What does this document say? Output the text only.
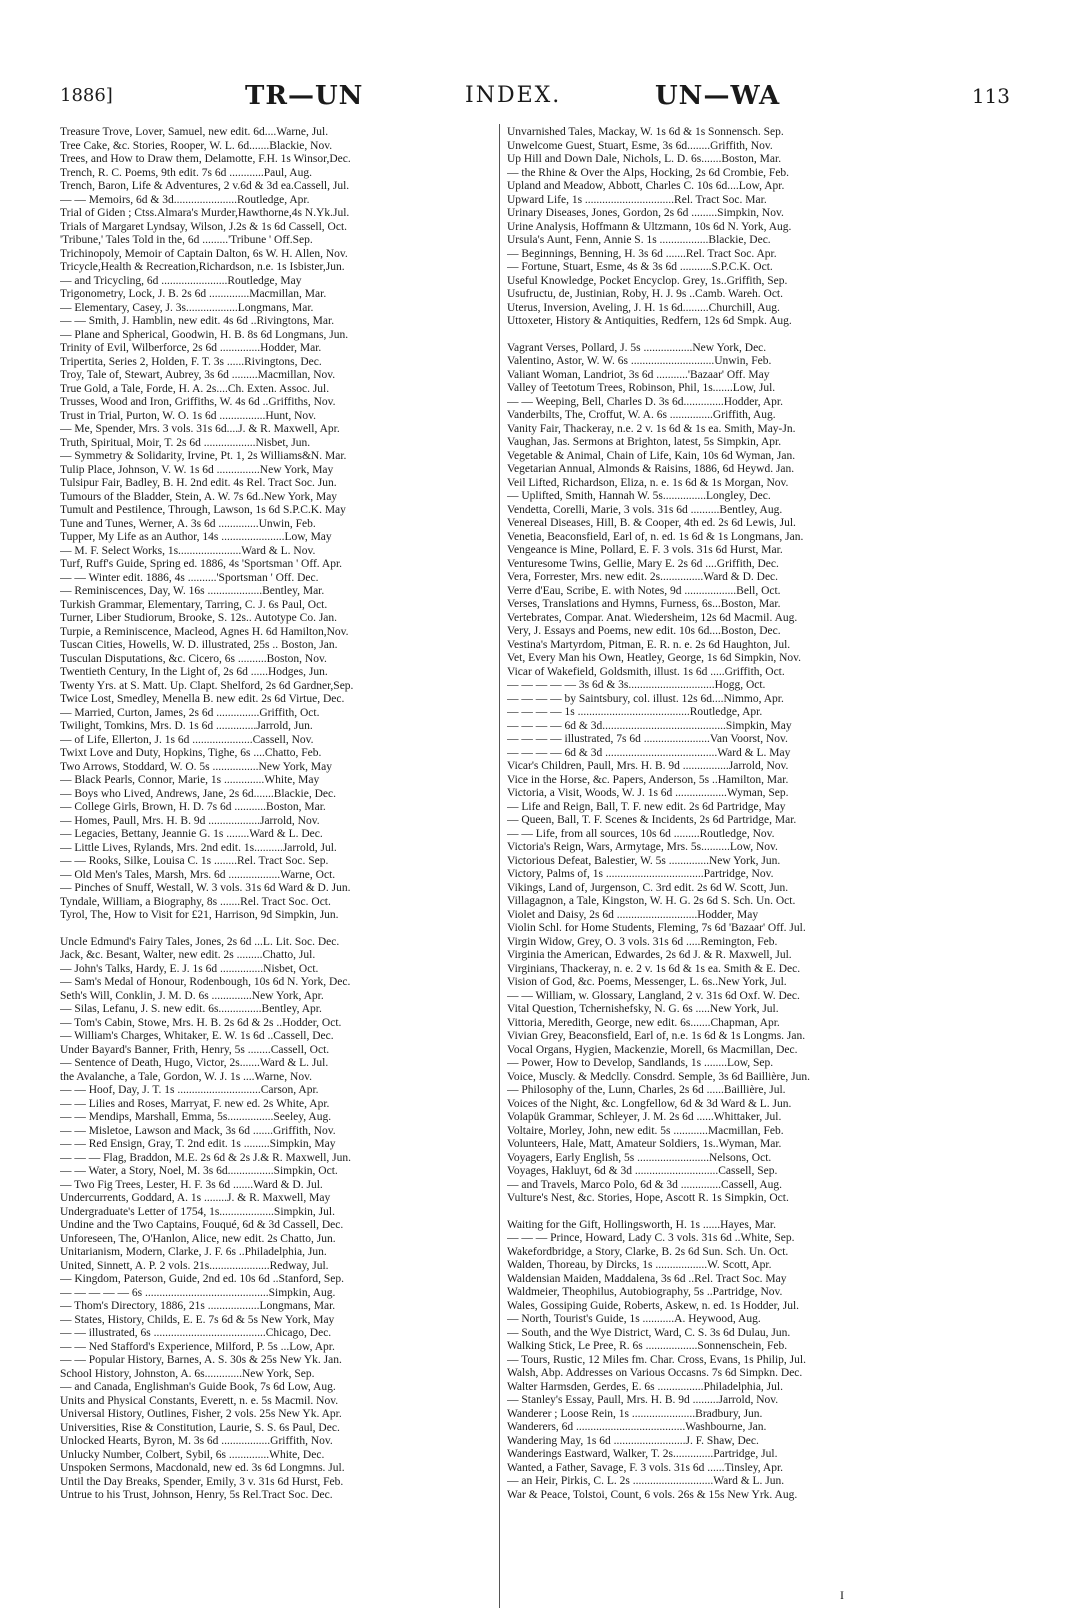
1886]	TR—UN	INDEX.	UN—WA	113
Treasure Trove, Lover, Samuel, new edit. 6d....Warne, Jul.
Tree Cake, &c. Stories, Rooper, W. L. 6d.......Blackie, Nov.
Trees, and How to Draw them, Delamotte, F.H. 1s Winsor,Dec.
Trench, R. C. Poems, 9th edit. 7s 6d ............Paul, Aug.
Trench, Baron, Life & Adventures, 2 v.6d & 3d ea.Cassell, Jul.
— — Memoirs, 6d & 3d......................Routledge, Apr.
Trial of Giden ; Ctss.Almara's Murder,Hawthorne,4s N.Yk.Jul.
Trials of Margaret Lyndsay, Wilson, J.2s & 1s 6d Cassell, Oct.
'Tribune,' Tales Told in the, 6d .........'Tribune ' Off.Sep.
Trichinopoly, Memoir of Captain Dalton, 6s W. H. Allen, Nov.
Tricycle,Health & Recreation,Richardson, n.e. 1s Isbister,Jun.
— and Tricycling, 6d .......................Routledge, May
Trigonometry, Lock, J. B. 2s 6d ..............Macmillan, Mar.
— Elementary, Casey, J. 3s..................Longmans, Mar.
— — Smith, J. Hamblin, new edit. 4s 6d ..Rivingtons, Mar.
— Plane and Spherical, Goodwin, H. B. 8s 6d Longmans, Jun.
Trinity of Evil, Wilberforce, 2s 6d ..............Hodder, Mar.
Tripertita, Series 2, Holden, F. T. 3s ......Rivingtons, Dec.
Troy, Tale of, Stewart, Aubrey, 3s 6d .........Macmillan, Nov.
True Gold, a Tale, Forde, H. A. 2s....Ch. Exten. Assoc. Jul.
Trusses, Wood and Iron, Griffiths, W. 4s 6d ..Griffiths, Nov.
Trust in Trial, Purton, W. O. 1s 6d ................Hunt, Nov.
— Me, Spender, Mrs. 3 vols. 31s 6d....J. & R. Maxwell, Apr.
Truth, Spiritual, Moir, T. 2s 6d ..................Nisbet, Jun.
— Symmetry & Solidarity, Irvine, Pt. 1, 2s Williams&N. Mar.
Tulip Place, Johnson, V. W. 1s 6d ...............New York, May
Tulsipur Fair, Badley, B. H. 2nd edit. 4s Rel. Tract Soc. Jun.
Tumours of the Bladder, Stein, A. W. 7s 6d..New York, May
Tumult and Pestilence, Through, Lawson, 1s 6d S.P.C.K. May
Tune and Tunes, Werner, A. 3s 6d ..............Unwin, Feb.
Tupper, My Life as an Author, 14s ......................Low, May
— M. F. Select Works, 1s......................Ward & L. Nov.
Turf, Ruff's Guide, Spring ed. 1886, 4s 'Sportsman ' Off. Apr.
— — Winter edit. 1886, 4s ..........'Sportsman ' Off. Dec.
— Reminiscences, Day, W. 16s ...................Bentley, Mar.
Turkish Grammar, Elementary, Tarring, C. J. 6s Paul, Oct.
Turner, Liber Studiorum, Brooke, S. 12s.. Autotype Co. Jan.
Turpie, a Reminiscence, Macleod, Agnes H. 6d Hamilton,Nov.
Tuscan Cities, Howells, W. D. illustrated, 25s .. Boston, Jan.
Tusculan Disputations, &c. Cicero, 6s ..........Boston, Nov.
Twentieth Century, In the Light of, 2s 6d ......Hodges, Jun.
Twenty Yrs. at S. Matt. Up. Clapt. Shelford, 2s 6d Gardner,Sep.
Twice Lost, Smedley, Menella B. new edit. 2s 6d Virtue, Dec.
— Married, Curton, James, 2s 6d ...............Griffith, Oct.
Twilight, Tomkins, Mrs. D. 1s 6d ..............Jarrold, Jun.
— of Life, Ellerton, J. 1s 6d .....................Cassell, Nov.
Twixt Love and Duty, Hopkins, Tighe, 6s ....Chatto, Feb.
Two Arrows, Stoddard, W. O. 5s ................New York, May
— Black Pearls, Connor, Marie, 1s ..............White, May
— Boys who Lived, Andrews, Jane, 2s 6d.......Blackie, Dec.
— College Girls, Brown, H. D. 7s 6d ...........Boston, Mar.
— Homes, Paull, Mrs. H. B. 9d ..................Jarrold, Nov.
— Legacies, Bettany, Jeannie G. 1s ........Ward & L. Dec.
— Little Lives, Rylands, Mrs. 2nd edit. 1s..........Jarrold, Jul.
— — Rooks, Silke, Louisa C. 1s ........Rel. Tract Soc. Sep.
— Old Men's Tales, Marsh, Mrs. 6d ..................Warne, Oct.
— Pinches of Snuff, Westall, W. 3 vols. 31s 6d Ward & D. Jun.
Tyndale, William, a Biography, 8s .......Rel. Tract Soc. Oct.
Tyrol, The, How to Visit for £21, Harrison, 9d Simpkin, Jun.
Uncle Edmund's Fairy Tales, Jones, 2s 6d ...L. Lit. Soc. Dec.
Jack, &c. Besant, Walter, new edit. 2s .........Chatto, Jul.
— John's Talks, Hardy, E. J. 1s 6d ...............Nisbet, Oct.
— Sam's Medal of Honour, Rodenbough, 10s 6d N. York, Dec.
Seth's Will, Conklin, J. M. D. 6s ..............New York, Apr.
— Silas, Lefanu, J. S. new edit. 6s...............Bentley, Apr.
— Tom's Cabin, Stowe, Mrs. H. B. 2s 6d & 2s ..Hodder, Oct.
— William's Charges, Whitaker, E. W. 1s 6d ..Cassell, Dec.
Under Bayard's Banner, Frith, Henry, 5s ........Cassell, Oct.
— Sentence of Death, Hugo, Victor, 2s.......Ward & L. Jul.
the Avalanche, a Tale, Gordon, W. J. 1s ....Warne, Nov.
— — Hoof, Day, J. T. 1s .............................Carson, Apr.
— — Lilies and Roses, Marryat, F. new ed. 2s White, Apr.
— — Mendips, Marshall, Emma, 5s................Seeley, Aug.
— — Misletoe, Lawson and Mack, 3s 6d .......Griffith, Nov.
— — Red Ensign, Gray, T. 2nd edit. 1s .........Simpkin, May
— — — Flag, Braddon, M.E. 2s 6d & 2s J.& R. Maxwell, Jun.
— — Water, a Story, Noel, M. 3s 6d................Simpkin, Oct.
— Two Fig Trees, Lester, H. F. 3s 6d .......Ward & D. Jul.
Undercurrents, Goddard, A. 1s ........J. & R. Maxwell, May
Undergraduate's Letter of 1754, 1s...................Simpkin, Jul.
Undine and the Two Captains, Fouqué, 6d & 3d Cassell, Dec.
Unforeseen, The, O'Hanlon, Alice, new edit. 2s Chatto, Jun.
Unitarianism, Modern, Clarke, J. F. 6s ..Philadelphia, Jun.
United, Sinnett, A. P. 2 vols. 21s.....................Redway, Jul.
— Kingdom, Paterson, Guide, 2nd ed. 10s 6d ..Stanford, Sep.
— — — — — 6s ...........................................Simpkin, Aug.
— Thom's Directory, 1886, 21s ..................Longmans, Mar.
— States, History, Childs, E. E. 7s 6d & 5s New York, May
— — illustrated, 6s .......................................Chicago, Dec.
— — Ned Stafford's Experience, Milford, P. 5s ...Low, Apr.
— — Popular History, Barnes, A. S. 30s & 25s New Yk. Jan.
School History, Johnston, A. 6s.............New York, Sep.
— and Canada, Englishman's Guide Book, 7s 6d Low, Aug.
Units and Physical Constants, Everett, n. e. 5s Macmil. Nov.
Universal History, Outlines, Fisher, 2 vols. 25s New Yk. Apr.
Universities, Rise & Constitution, Laurie, S. S. 6s Paul, Dec.
Unlocked Hearts, Byron, M. 3s 6d .................Griffith, Nov.
Unlucky Number, Colbert, Sybil, 6s ..............White, Dec.
Unspoken Sermons, Macdonald, new ed. 3s 6d Longmns. Jul.
Until the Day Breaks, Spender, Emily, 3 v. 31s 6d Hurst, Feb.
Untrue to his Trust, Johnson, Henry, 5s Rel.Tract Soc. Dec.
Unvarnished Tales, Mackay, W. 1s 6d & 1s Sonnensch. Sep.
Unwelcome Guest, Stuart, Esme, 3s 6d........Griffith, Nov.
Up Hill and Down Dale, Nichols, L. D. 6s.......Boston, Mar.
— the Rhine & Over the Alps, Hocking, 2s 6d Crombie, Feb.
Upland and Meadow, Abbott, Charles C. 10s 6d....Low, Apr.
Upward Life, 1s ...............................Rel. Tract Soc. Mar.
Urinary Diseases, Jones, Gordon, 2s 6d .........Simpkin, Nov.
Urine Analysis, Hoffmann & Ultzmann, 10s 6d N. York, Aug.
Ursula's Aunt, Fenn, Annie S. 1s .................Blackie, Dec.
— Beginnings, Benning, H. 3s 6d .......Rel. Tract Soc. Apr.
— Fortune, Stuart, Esme, 4s & 3s 6d ...........S.P.C.K. Oct.
Useful Knowledge, Pocket Encyclop. Grey, 1s..Griffith, Sep.
Usufructu, de, Justinian, Roby, H. J. 9s ..Camb. Wareh. Oct.
Uterus, Inversion, Aveling, J. H. 1s 6d.........Churchill, Aug.
Uttoxeter, History & Antiquities, Redfern, 12s 6d Smpk. Aug.
Vagrant Verses, Pollard, J. 5s .................New York, Dec.
Valentino, Astor, W. W. 6s .............................Unwin, Feb.
Valiant Woman, Landriot, 3s 6d ...........'Bazaar' Off. May
Valley of Teetotum Trees, Robinson, Phil, 1s.......Low, Jul.
— — Weeping, Bell, Charles D. 3s 6d..............Hodder, Apr.
Vanderbilts, The, Croffut, W. A. 6s ...............Griffith, Aug.
Vanity Fair, Thackeray, n.e. 2 v. 1s 6d & 1s ea. Smith, May-Jn.
Vaughan, Jas. Sermons at Brighton, latest, 5s Simpkin, Apr.
Vegetable & Animal, Chain of Life, Kain, 10s 6d Wyman, Jan.
Vegetarian Annual, Almonds & Raisins, 1886, 6d Heywd. Jan.
Veil Lifted, Richardson, Eliza, n. e. 1s 6d & 1s Morgan, Nov.
— Uplifted, Smith, Hannah W. 5s...............Longley, Dec.
Vendetta, Corelli, Marie, 3 vols. 31s 6d ..........Bentley, Aug.
Venereal Diseases, Hill, B. & Cooper, 4th ed. 2s 6d Lewis, Jul.
Venetia, Beaconsfield, Earl of, n. ed. 1s 6d & 1s Longmans, Jan.
Vengeance is Mine, Pollard, E. F. 3 vols. 31s 6d Hurst, Mar.
Venturesome Twins, Gellie, Mary E. 2s 6d ....Griffith, Dec.
Vera, Forrester, Mrs. new edit. 2s...............Ward & D. Dec.
Verre d'Eau, Scribe, E. with Notes, 9d ..................Bell, Oct.
Verses, Translations and Hymns, Furness, 6s...Boston, Mar.
Vertebrates, Compar. Anat. Wiedersheim, 12s 6d Macmil. Aug.
Very, J. Essays and Poems, new edit. 10s 6d....Boston, Dec.
Vestina's Martyrdom, Pitman, E. R. n. e. 2s 6d Haughton, Jul.
Vet, Every Man his Own, Heatley, George, 1s 6d Simpkin, Nov.
Vicar of Wakefield, Goldsmith, illust. 1s 6d .....Griffith, Oct.
— — — — — 3s 6d & 3s..............................Hogg, Oct.
— — — — by Saintsbury, col. illust. 12s 6d....Nimmo, Apr.
— — — — 1s .......................................Routledge, Apr.
— — — — 6d & 3d...........................................Simpkin, May
— — — — illustrated, 7s 6d .......................Van Voorst, Nov.
— — — — 6d & 3d .......................................Ward & L. May
Vicar's Children, Paull, Mrs. H. B. 9d ................Jarrold, Nov.
Vice in the Horse, &c. Papers, Anderson, 5s ..Hamilton, Mar.
Victoria, a Visit, Woods, W. J. 1s 6d ..................Wyman, Sep.
— Life and Reign, Ball, T. F. new edit. 2s 6d Partridge, May
— Queen, Ball, T. F. Scenes & Incidents, 2s 6d Partridge, Mar.
— — Life, from all sources, 10s 6d .........Routledge, Nov.
Victoria's Reign, Wars, Armytage, Mrs. 5s..........Low, Nov.
Victorious Defeat, Balestier, W. 5s ..............New York, Jun.
Victory, Palms of, 1s ..................................Partridge, Nov.
Vikings, Land of, Jurgenson, C. 3rd edit. 2s 6d W. Scott, Jun.
Villagagnon, a Tale, Kingston, W. H. G. 2s 6d S. Sch. Un. Oct.
Violet and Daisy, 2s 6d ............................Hodder, May
Violin Schl. for Home Students, Fleming, 7s 6d 'Bazaar' Off. Jul.
Virgin Widow, Grey, O. 3 vols. 31s 6d .....Remington, Feb.
Virginia the American, Edwardes, 2s 6d J. & R. Maxwell, Jul.
Virginians, Thackeray, n. e. 2 v. 1s 6d & 1s ea. Smith & E. Dec.
Vision of God, &c. Poems, Messenger, L. 6s..New York, Jul.
— — William, w. Glossary, Langland, 2 v. 31s 6d Oxf. W. Dec.
Vital Question, Tchernishefsky, N. G. 6s .....New York, Jul.
Vittoria, Meredith, George, new edit. 6s.......Chapman, Apr.
Vivian Grey, Beaconsfield, Earl of, n.e. 1s 6d & 1s Longms. Jan.
Vocal Organs, Hygien, Mackenzie, Morell, 6s Macmillan, Dec.
— Power, How to Develop, Sandlands, 1s ........Low, Sep.
Voice, Muscly. & Medclly. Consdrd. Semple, 3s 6d Baillière, Jun.
— Philosophy of the, Lunn, Charles, 2s 6d ......Baillière, Jul.
Voices of the Night, &c. Longfellow, 6d & 3d Ward & L. Jun.
Volapük Grammar, Schleyer, J. M. 2s 6d ......Whittaker, Jul.
Voltaire, Morley, John, new edit. 5s ............Macmillan, Feb.
Volunteers, Hale, Matt, Amateur Soldiers, 1s..Wyman, Mar.
Voyagers, Early English, 5s .........................Nelsons, Oct.
Voyages, Hakluyt, 6d & 3d .............................Cassell, Sep.
— and Travels, Marco Polo, 6d & 3d ..............Cassell, Aug.
Vulture's Nest, &c. Stories, Hope, Ascott R. 1s Simpkin, Oct.
Waiting for the Gift, Hollingsworth, H. 1s ......Hayes, Mar.
— — — Prince, Howard, Lady C. 3 vols. 31s 6d ..White, Sep.
Wakefordbridge, a Story, Clarke, B. 2s 6d Sun. Sch. Un. Oct.
Walden, Thoreau, by Dircks, 1s ..................W. Scott, Apr.
Waldensian Maiden, Maddalena, 3s 6d ..Rel. Tract Soc. May
Waldmeier, Theophilus, Autobiography, 5s ..Partridge, Nov.
Wales, Gossiping Guide, Roberts, Askew, n. ed. 1s Hodder, Jul.
— North, Tourist's Guide, 1s ...........A. Heywood, Aug.
— South, and the Wye District, Ward, C. S. 3s 6d Dulau, Jun.
Walking Stick, Le Pree, R. 6s ..................Sonnenschein, Feb.
— Tours, Rustic, 12 Miles fm. Char. Cross, Evans, 1s Philip, Jul.
Walsh, Abp. Addresses on Various Occasns. 7s 6d Simpkn. Dec.
Walter Harmsden, Gerdes, E. 6s ................Philadelphia, Jul.
— Stanley's Essay, Paull, Mrs. H. B. 9d .........Jarrold, Nov.
Wanderer ; Loose Rein, 1s ......................Bradbury, Jun.
Wanderers, 6d ......................................Washbourne, Jan.
Wandering May, 1s 6d .........................J. F. Shaw, Dec.
Wanderings Eastward, Walker, T. 2s..............Partridge, Jul.
Wanted, a Father, Savage, F. 3 vols. 31s 6d ......Tinsley, Apr.
— an Heir, Pirkis, C. L. 2s ............................Ward & L. Jun.
War & Peace, Tolstoi, Count, 6 vols. 26s & 15s New Yrk. Aug.
I
